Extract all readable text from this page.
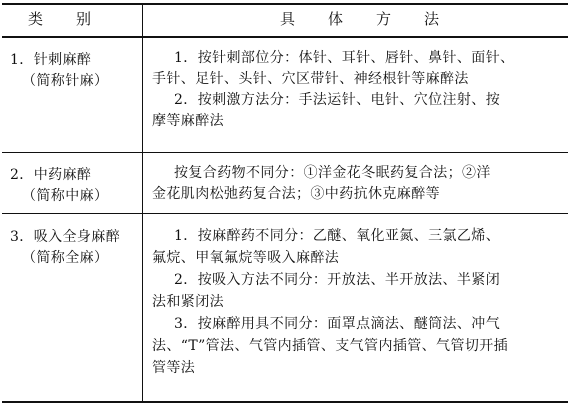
类　别	具　体　方　法
1．针刺麻醉
（简称针麻）
1．按针刺部位分：体针、耳针、唇针、鼻针、面针、
手针、足针、头针、穴区带针、神经根针等麻醉法
2．按刺激方法分：手法运针、电针、穴位注射、按
摩等麻醉法
2．中药麻醉
（简称中麻）
按复合药物不同分：①洋金花冬眠药复合法；②洋
金花肌肉松弛药复合法；③中药抗休克麻醉等
3．吸入全身麻醉
（简称全麻）
1．按麻醉药不同分：乙醚、氧化亚氮、三氯乙烯、
氟烷、甲氧氟烷等吸入麻醉法
2．按吸入方法不同分：开放法、半开放法、半紧闭
法和紧闭法
3．按麻醉用具不同分：面罩点滴法、醚筒法、冲气
法、“T”管法、气管内插管、支气管内插管、气管切开插
管等法
